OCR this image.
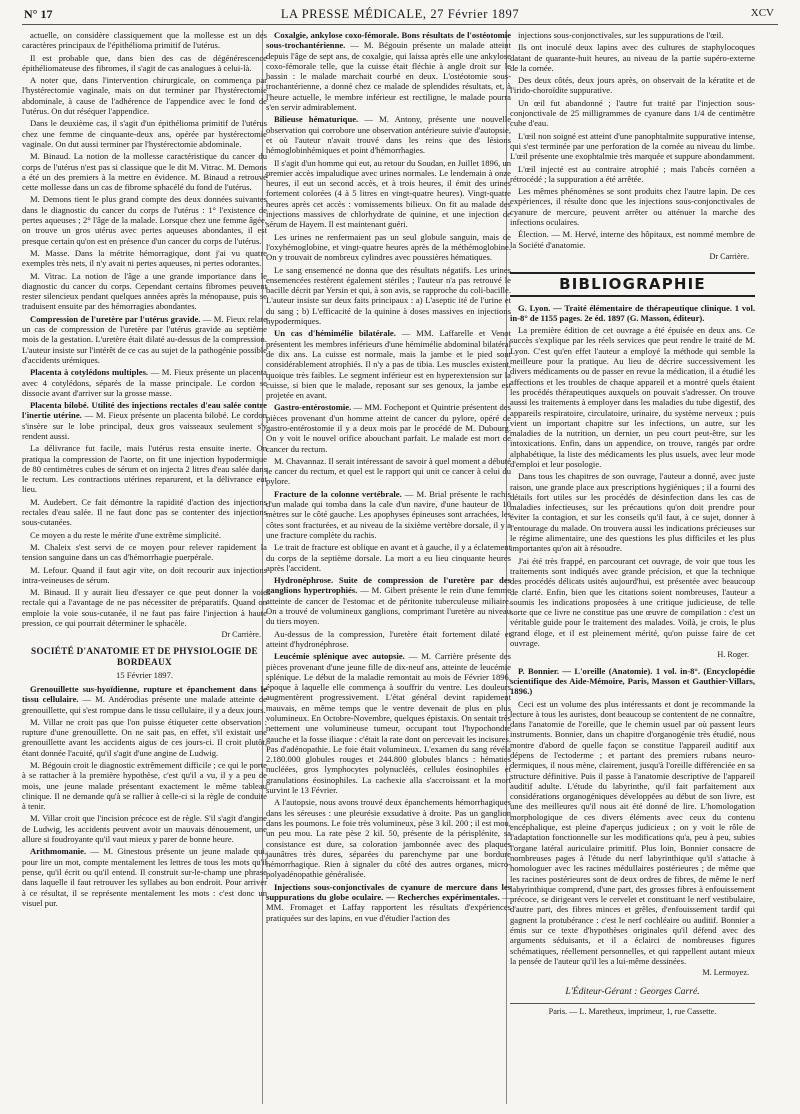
N° 17	LA PRESSE MÉDICALE, 27 Février 1897	XCV

actuelle, on considère classiquement que la mollesse est un des caractères principaux de l'épithélioma primitif de l'utérus.

Il est probable que, dans bien des cas de dégénérescence épithéliomateuse des fibromes, il s'agit de cas analogues à celui-là.

A noter que, dans l'intervention chirurgicale, on commença par l'hystérectomie vaginale, mais on dut terminer par l'hystérectomie abdominale, à cause de l'adhérence de l'appendice avec le fond de l'utérus. On dut réséquer l'appendice.

Dans le deuxième cas, il s'agit d'un épithélioma primitif de l'utérus chez une femme de cinquante-deux ans, opérée par hystérectomie vaginale. On dut aussi terminer par l'hystérectomie abdominale.

M. Binaud. La notion de la mollesse caractéristique du cancer du corps de l'utérus n'est pas si classique que le dit M. Vitrac. M. Demons a été un des premiers à la mettre en évidence. M. Binaud a retrouvé cette mollesse dans un cas de fibrome sphacélé du fond de l'utérus.

M. Demons tient le plus grand compte des deux données suivantes dans le diagnostic du cancer du corps de l'utérus : 1° l'existence de pertes aqueuses ; 2° l'âge de la malade. Lorsque chez une femme âgée, on trouve un gros utérus avec pertes aqueuses abondantes, il est presque certain qu'on est en présence d'un cancer du corps de l'utérus.

M. Masse. Dans la métrite hémorragique, dont j'ai vu quatre exemples très nets, il n'y avait ni pertes aqueuses, ni pertes odorantes.

M. Vitrac. La notion de l'âge a une grande importance dans le diagnostic du cancer du corps. Cependant certains fibromes peuvent rester silencieux pendant quelques années après la ménopause, puis se traduisent ensuite par des hémorragies abondantes.

Compression de l'uretère par l'utérus gravide. — M. Fieux relate un cas de compression de l'uretère par l'utérus gravide au septième mois de la gestation. L'uretère était dilaté au-dessus de la compression. L'auteur insiste sur l'intérêt de ce cas au sujet de la pathogénie possible d'accidents urémiques.

Placenta à cotylédons multiples. — M. Fieux présente un placenta avec 4 cotylédons, séparés de la masse principale. Le cordon se dissocie avant d'arriver sur la grosse masse.

Placenta bilobé. Utilité des injections rectales d'eau salée contre l'inertie utérine. — M. Fieux présente un placenta bilobé. Le cordon s'insère sur le lobe principal, deux gros vaisseaux seulement s'y rendent aussi.

La délivrance fut facile, mais l'utérus resta ensuite inerte. On pratiqua la compression de l'aorte, on fit une injection hypodermique de 80 centimètres cubes de sérum et on injecta 2 litres d'eau salée dans le rectum. Les contractions utérines reparurent, et la délivrance eut lieu.

M. Audebert. Ce fait démontre la rapidité d'action des injections rectales d'eau salée. Il ne faut donc pas se contenter des injections sous-cutanées.

Ce moyen a du reste le mérite d'une extrême simplicité.

M. Chaleix s'est servi de ce moyen pour relever rapidement la tension sanguine dans un cas d'hémorrhagie puerpérale.

M. Lefour. Quand il faut agir vite, on doit recourir aux injections intra-veineuses de sérum.

M. Binaud. Il y aurait lieu d'essayer ce que peut donner la voie rectale qui a l'avantage de ne pas nécessiter de préparatifs. Quand on emploie la voie sous-cutanée, il ne faut pas faire l'injection à haute pression, ce qui pourrait déterminer le sphacèle.

Dr Carrière.
SOCIÉTÉ D'ANATOMIE ET DE PHYSIOLOGIE DE BORDEAUX
15 Février 1897.

Grenouillette sus-hyoïdienne, rupture et épanchement dans le tissu cellulaire. — M. Andérodias présente une malade atteinte de grenouillette, qui s'est rompue dans le tissu cellulaire, il y a deux jours.

M. Villar ne croit pas que l'on puisse étiqueter cette observation : rupture d'une grenouillette. On ne sait pas, en effet, s'il existait une grenouillette avant les accidents aigus de ces jours-ci. Il croit plutôt, étant donnée l'acuité, qu'il s'agit d'une angine de Ludwig.

M. Bégouin croit le diagnostic extrêmement difficile ; ce qui le porte à se rattacher à la première hypothèse, c'est qu'il a vu, il y a peu de mois, une jeune malade présentant exactement le même tableau clinique. Il ne demande qu'à se rallier à celle-ci si la règle de conduite à tenir.

M. Villar croit que l'incision précoce est de règle. S'il s'agit d'angine de Ludwig, les accidents peuvent avoir un mauvais dénouement, une allure si foudroyante qu'il vaut mieux y parer de bonne heure.

Arithmomanie. — M. Ginestous présente un jeune malade qui, pour lire un mot, compte mentalement les lettres de tous les mots qu'il pense, qu'il écrit ou qu'il entend. Il construit sur-le-champ une phrase dans laquelle il faut retrouver les syllabes au bon endroit. Pour arriver à ce résultat, il se représente mentalement les mots : c'est donc un visuel pur.

Coxalgie, ankylose coxo-fémorale. Bons résultats de l'ostéotomie sous-trochantérienne. — M. Bégouin présente un malade atteint depuis l'âge de sept ans, de coxalgie, qui laissa après elle une ankylose coxo-fémorale telle, que la cuisse était fléchie à angle droit sur le bassin : le malade marchait courbé en deux. L'ostéotomie sous-trochantérienne, a donné chez ce malade de splendides résultats, et, à l'heure actuelle, le membre inférieur est rectiligne, le malade pourra s'en servir admirablement.

Bilieuse hématurique. — M. Antony, présente une nouvelle observation qui corrobore une observation antérieure suivie d'autopsie, et où l'auteur n'avait trouvé dans les reins que des lésions hémoglobinhémiques et point d'hémorrhagies.

Il s'agit d'un homme qui eut, au retour du Soudan, en Juillet 1896, un premier accès impaludique avec urines normales. Le lendemain à onze heures, il eut un second accès, et à trois heures, il émit des urines fortement colorées (4 à 5 litres en vingt-quatre heures). Vingt-quatre heures après cet accès : vomissements bilieux. On fit au malade des injections massives de chlorhydrate de quinine, et une injection de sérum de Hayem. Il est maintenant guéri.

Les urines ne renfermaient pas un seul globule sanguin, mais de l'oxyhémoglobine, et vingt-quatre heures après de la méthémoglobine. On y trouvait de nombreux cylindres avec poussières hématiques.

Le sang ensemencé ne donna que des résultats négatifs. Les urines ensemencées restèrent également stériles ; l'auteur n'a pas retrouvé le bacille décrit par Yersin et qui, à son avis, se rapproche du coli-bacille. L'auteur insiste sur deux faits principaux : a) L'aseptic ité de l'urine et du sang ; b) L'efficacité de la quinine à doses massives en injections hypodermiques.

Un cas d'hémimélie bilatérale. — MM. Laffarelle et Venot présentent les membres inférieurs d'une hémimélie abdominal bilatéral de dix ans. La cuisse est normale, mais la jambe et le pied sont considérablement atrophiés. Il n'y a pas de tibia. Les muscles existent, quoique très faibles. Le segment inférieur est en hyperextension sur la cuisse, si bien que le malade, reposant sur ses genoux, la jambe est projetée en avant.

Gastro-entérostomie. — MM. Fochepont et Quintrie présentent des pièces provenant d'un homme atteint de cancer du pylore, opéré de gastro-entérostomie il y a deux mois par le procédé de M. Dubourg. On y voit le nouvel orifice abouchant parfait. Le malade est mort de cancer du rectum.

M. Chavannaz. Il serait intéressant de savoir à quel moment a débuté le cancer du rectum, et quel est le rapport qui unit ce cancer à celui du pylore.

Fracture de la colonne vertébrale. — M. Brial présente le rachis d'un malade qui tomba dans la cale d'un navire, d'une hauteur de 10 mètres sur le côté gauche. Les apophyses épineuses sont arrachées, les côtes sont fracturées, et au niveau de la sixième vertèbre dorsale, il y a une fracture complète du rachis.

Le trait de fracture est oblique en avant et à gauche, il y a éclatement du corps de la septième dorsale. La mort a eu lieu cinquante heures après l'accident.

Hydronéphrose. Suite de compression de l'uretère par des ganglions hypertrophiés. — M. Gibert présente le rein d'une femme atteinte de cancer de l'estomac et de péritonite tuberculeuse miliaire. On a trouvé de volumineux ganglions, comprimant l'uretère au niveau du tiers moyen.

Au-dessus de la compression, l'uretère était fortement dilaté et atteint d'hydronéphrose.

Leucémie splénique avec autopsie. — M. Carrière présente des pièces provenant d'une jeune fille de dix-neuf ans, atteinte de leucémie splénique. Le début de la maladie remontait au mois de Février 1896, époque à laquelle elle commença à souffrir du ventre. Les douleurs augmentèrent progressivement. L'état général devint rapidement mauvais, en même temps que le ventre devenait de plus en plus volumineux. En Octobre-Novembre, quelques épistaxis. On sentait très nettement une volumineuse tumeur, occupant tout l'hypochondre gauche et la fosse iliaque : c'était la rate dont on percevait les incisures. Pas d'adénopathie. Le foie était volumineux. L'examen du sang révéla 2.180.000 globules rouges et 244.800 globules blancs : hématies nucléées, gros lymphocytes polynucléés, cellules éosinophiles et granulations éosinophiles. La cachexie alla s'accroissant et la mort survint le 13 Février.

A l'autopsie, nous avons trouvé deux épanchements hémorrhagiques dans les séreuses : une pleurésie exsudative à droite. Pas un ganglion dans les poumons. Le foie très volumineux, pèse 3 kil. 200 ; il est mou, un peu mou. La rate pèse 2 kil. 50, présente de la périsplénite, sa consistance est dure, sa coloration jambonnée avec des plaques jaunâtres très dures, séparées du parenchyme par une bordure hémorrhagique. Rien à signaler du côté des autres organes, micro-polyadénopathie généralisée.

Injections sous-conjonctivales de cyanure de mercure dans les suppurations du globe oculaire. — Recherches expérimentales. — MM. Fromaget et Laffay rapportent les résultats d'expériences pratiquées sur des lapins, en vue d'étudier l'action des

injections sous-conjonctivales, sur les suppurations de l'œil.

Ils ont inoculé deux lapins avec des cultures de staphylocoques datant de quarante-huit heures, au niveau de la partie supéro-externe de la cornée.

Des deux côtés, deux jours après, on observait de la kératite et de l'irido-choroïdite suppurative.

Un œil fut abandonné ; l'autre fut traité par l'injection sous-conjonctivale de 25 milligrammes de cyanure dans 1/4 de centimètre cube d'eau.

L'œil non soigné est atteint d'une panophtalmite suppurative intense, qui s'est terminée par une perforation de la cornée au niveau du limbe. L'œil présente une exophtalmie très marquée et suppure abondamment.

L'œil injecté est au contraire atrophié ; mais l'abcès cornéen a rétrocédé ; la suppuration a été arrêtée.

Les mêmes phénomènes se sont produits chez l'autre lapin. De ces expériences, il résulte donc que les injections sous-conjonctivales de cyanure de mercure, peuvent arrêter ou atténuer la marche des infections oculaires.

Élection. — M. Hervé, interne des hôpitaux, est nommé membre de la Société d'anatomie.

Dr Carrière.
BIBLIOGRAPHIE

G. Lyon. — Traité élémentaire de thérapeutique clinique. 1 vol. in-8° de 1155 pages. 2e éd. 1897 (G. Masson, éditeur).

La première édition de cet ouvrage a été épuisée en deux ans. Ce succès s'explique par les réels services que peut rendre le traité de M. Lyon. C'est qu'en effet l'auteur a employé la méthode qui semble la meilleure pour la pratique. Au lieu de décrire successivement les divers médicaments ou de passer en revue la médication, il a étudié les affections et les troubles de chaque appareil et a montré quels étaient les procédés thérapeutiques auxquels on pouvait s'adresser. On trouve aussi les traitements à employer dans les maladies du tube digestif, des appareils respiratoire, circulatoire, urinaire, du système nerveux ; puis vient un important chapitre sur les infections, un autre, sur les maladies de la nutrition, un dernier, un peu court peut-être, sur les intoxications. Enfin, dans un appendice, on trouve, rangés par ordre alphabétique, la liste des médicaments les plus usuels, avec leur mode d'emploi et leur posologie.

Dans tous les chapitres de son ouvrage, l'auteur a donné, avec juste raison, une grande place aux prescriptions hygiéniques ; il a fourni des détails fort utiles sur les procédés de désinfection dans les cas de maladies infectieuses, sur les précautions qu'on doit prendre pour éviter la contagion, et sur les conseils qu'il faut, à ce sujet, donner à l'entourage du malade. On trouvera aussi les indications précieuses sur le régime alimentaire, une des questions les plus difficiles et les plus importantes qu'on ait à résoudre.

J'ai été très frappé, en parcourant cet ouvrage, de voir que tous les traitements sont indiqués avec grande précision, et que la technique des procédés délicats usités aujourd'hui, est présentée avec beaucoup de clarté. Enfin, bien que les citations soient nombreuses, l'auteur a soumis les indications proposées à une critique judicieuse, de telle sorte que ce livre ne constitue pas une œuvre de compilation : c'est un véritable guide pour le traitement des malades. Voilà, je crois, le plus grand éloge, et il est pleinement mérité, qu'on puisse faire de cet ouvrage.

H. Roger.

P. Bonnier. — L'oreille (Anatomie). 1 vol. in-8°. (Encyclopédie scientifique des Aide-Mémoire, Paris, Masson et Gauthier-Villars, 1896.)

Ceci est un volume des plus intéressants et dont je recommande la lecture à tous les auristes, dont beaucoup se contentent de ne connaître, dans l'anatomie de l'oreille, que le chemin usuel par où passent leurs instruments. Bonnier, dans un chapitre d'organogénie très étudié, nous montre d'abord de quelle façon se constitue l'appareil auditif aux dépens de l'ectoderme ; et partant des premiers rubans neuro-dermiques, il nous mène, clairement, jusqu'à l'oreille différenciée en sa structure définitive. Puis il passe à l'anatomie descriptive de l'appareil auditif adulte. L'étude du labyrinthe, qu'il fait parfaitement aux considérations organogéniques développées au début de son livre, est une des meilleures qu'il nous ait été donné de lire. L'homologation morphologique de ces divers éléments avec ceux du contenu encéphalique, est pleine d'aperçus judicieux ; on y voit le rôle de l'adaptation fonctionnelle sur les modifications qu'a, peu à peu, subies l'organe latéral auriculaire primitif. Plus loin, Bonnier consacre de nombreuses pages à l'étude du nerf labyrinthique qu'il s'attache à homologuer avec les racines médullaires postérieures ; de même que les racines postérieures sont de deux ordres de fibres, de même le nerf labyrinthique comprend, d'une part, des grosses fibres à enfouissement précoce, se dirigeant vers le cervelet et constituant le nerf vestibulaire, d'autre part, des fibres minces et grêles, d'enfouissement tardif qui gagnent la protubérance : c'est le nerf cochléaire ou auditif. Bonnier a émis sur ce texte d'hypothèses originales qu'il défend avec des arguments séduisants, et il a éclairci de nombreuses figures schématiques, réellement personnelles, et qui rappellent autant mieux la pensée de l'auteur qu'il les a lui-même dessinées.

M. Lermoyez.
L'Éditeur-Gérant : Georges Carré.
Paris. — L. Maretheux, imprimeur, 1, rue Cassette.
